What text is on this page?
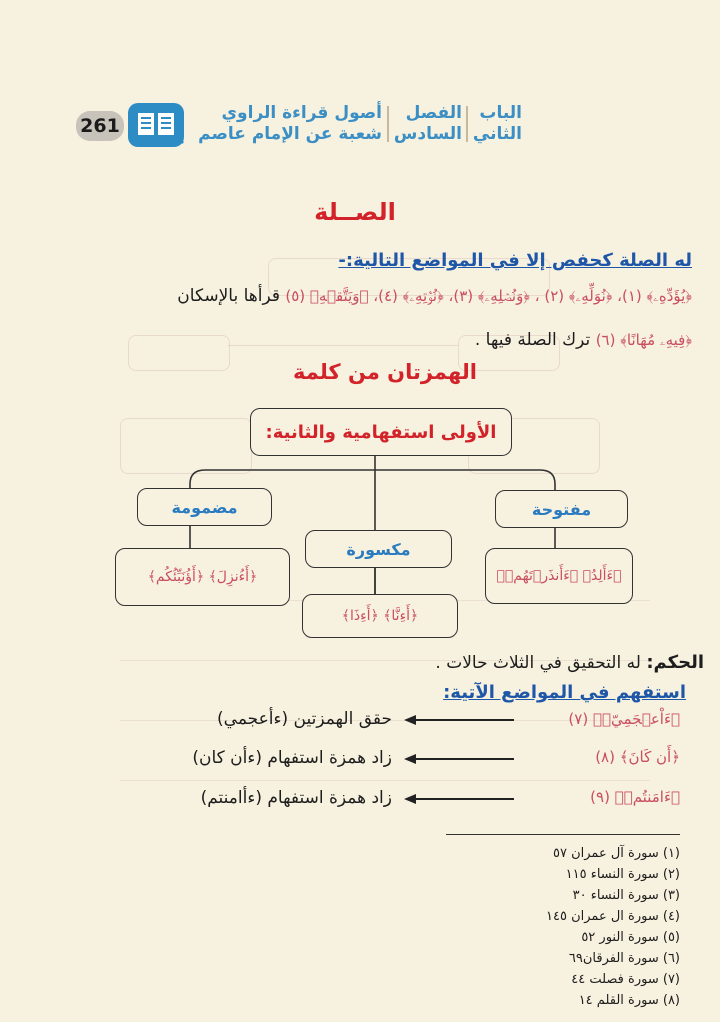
الباب
الثاني
الفصل
السادس
أصول قراءة الراوي
شعبة عن الإمام عاصم
261
الصــلة
له الصلة كحفص إلا في المواضع التالية:-
﴿يُؤَدِّهِۦ﴾ (١)، ﴿نُوَلِّهِۦ﴾ (٢) ، ﴿وَنُصۡلِهِۦ﴾ (٣)، ﴿نُؤۡتِهِۦ﴾ (٤)، ﴿وَيَتَّقۡهِ﴾ (٥) قرأها بالإسكان
﴿فِيهِۦ مُهَانًا﴾ (٦) ترك الصلة فيها .
الهمزتان من كلمة
الأولى استفهامية والثانية:
مفتوحة
﴿ءَأَلِدُ﴾ ﴿ءَأَنذَرۡتَهُمۡ﴾
مكسورة
﴿أَءِنَّا﴾ ﴿أَءِذَا﴾
مضمومة
﴿أَءُنزِلَ﴾ ﴿أَؤُنَبِّئُكُم﴾
الحكم: له التحقيق في الثلاث حالات .
استفهم في المواضع الآتية:
﴿ءَاْعۡجَمِيّٞ﴾ (٧)
حقق الهمزتين (ءأعجمي)
﴿أَن كَانَ﴾ (٨)
زاد همزة استفهام (ءأن كان)
﴿ءَامَنتُمۡ﴾ (٩)
زاد همزة استفهام (ءأامنتم)
(١) سورة آل عمران ٥٧
(٢) سورة النساء ١١٥
(٣) سورة النساء ٣٠
(٤) سورة ال عمران ١٤٥
(٥) سورة النور ٥٢
(٦) سورة الفرقان٦٩
(٧) سورة فصلت ٤٤
(٨) سورة القلم ١٤
